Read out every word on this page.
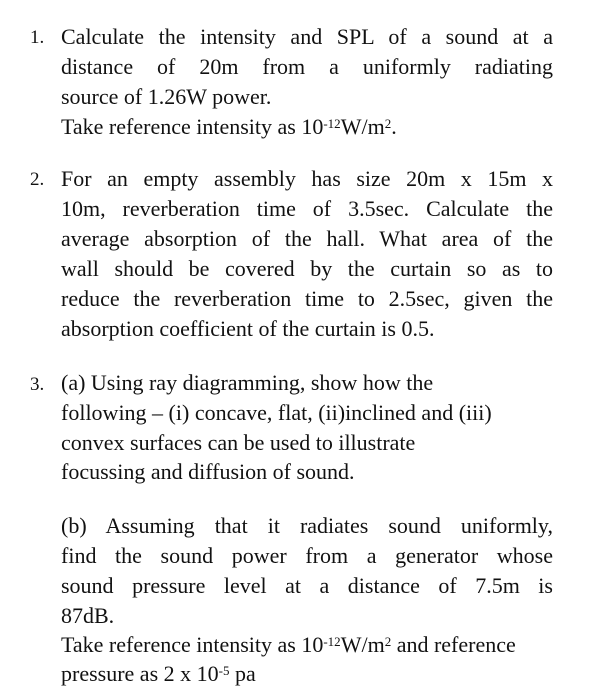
1. Calculate the intensity and SPL of a sound at a
distance of 20m from a uniformly radiating
source of 1.26W power.
Take reference intensity as $10^{-12}W/m^2$.
2. For an empty assembly has size 20m x 15m x
10m, reverberation time of 3.5sec. Calculate the
average absorption of the hall. What area of the
wall should be covered by the curtain so as to
reduce the reverberation time to 2.5sec, given the
absorption coefficient of the curtain is 0.5.
3. (a) Using ray diagramming, show how the
following – (i) concave, flat, (ii)inclined and (iii)
convex surfaces can be used to illustrate
focussing and diffusion of sound.
(b) Assuming that it radiates sound uniformly,
find the sound power from a generator whose
sound pressure level at a distance of 7.5m is
87dB.
Take reference intensity as $10^{-12}W/m^2$ and reference
pressure as 2 x $10^{-5}$ pa
